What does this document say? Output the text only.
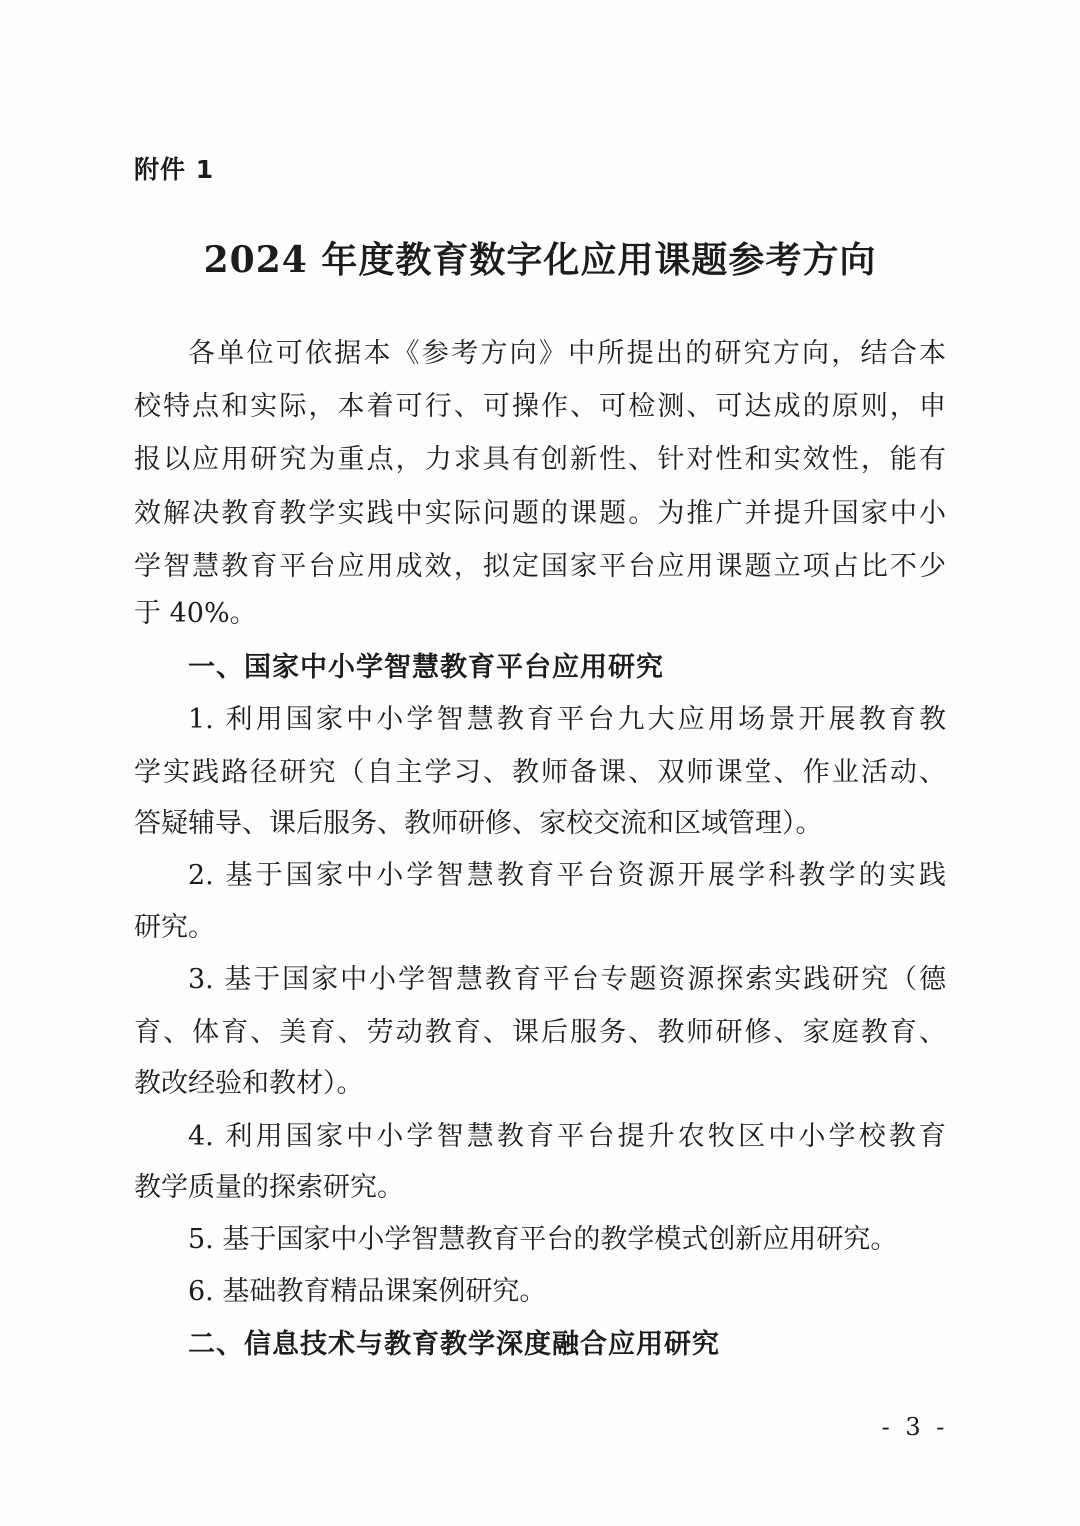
附件 1
2024 年度教育数字化应用课题参考方向
各单位可依据本《参考方向》中所提出的研究方向，结合本
校特点和实际，本着可行、可操作、可检测、可达成的原则，申
报以应用研究为重点，力求具有创新性、针对性和实效性，能有
效解决教育教学实践中实际问题的课题。为推广并提升国家中小
学智慧教育平台应用成效，拟定国家平台应用课题立项占比不少
于 40%。
一、国家中小学智慧教育平台应用研究
1. 利用国家中小学智慧教育平台九大应用场景开展教育教
学实践路径研究（自主学习、教师备课、双师课堂、作业活动、
答疑辅导、课后服务、教师研修、家校交流和区域管理）。
2. 基于国家中小学智慧教育平台资源开展学科教学的实践
研究。
3. 基于国家中小学智慧教育平台专题资源探索实践研究（德
育、体育、美育、劳动教育、课后服务、教师研修、家庭教育、
教改经验和教材）。
4. 利用国家中小学智慧教育平台提升农牧区中小学校教育
教学质量的探索研究。
5. 基于国家中小学智慧教育平台的教学模式创新应用研究。
6. 基础教育精品课案例研究。
二、信息技术与教育教学深度融合应用研究
- 3 -
